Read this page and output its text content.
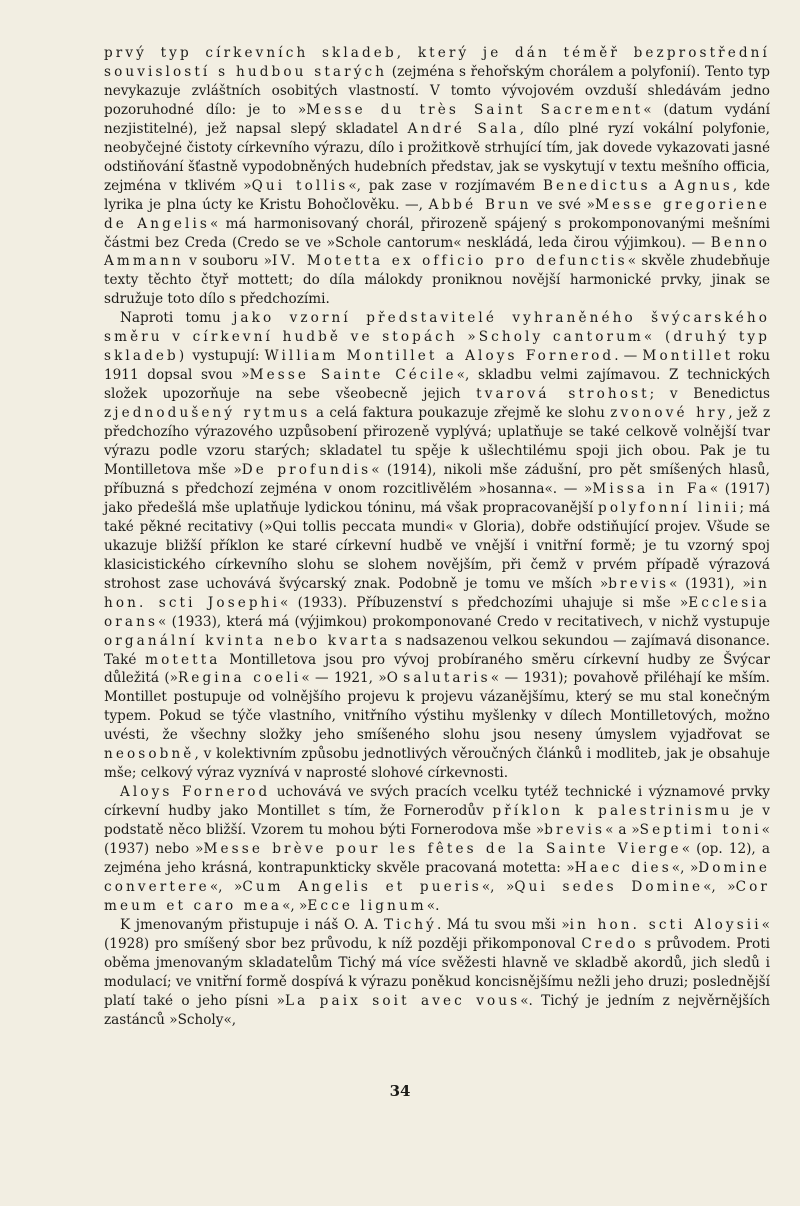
prvý typ církevních skladeb, který je dán téměř bezprostřední souvislostí s hudbou starých (zejména s řehořským chorálem a polyfonií). Tento typ nevykazuje zvláštních osobitých vlastností. V tomto vývojovém ovzduší shledávám jedno pozoruhodné dílo: je to »Messe du très Saint Sacrement« (datum vydání nezjistitelné), jež napsal slepý skladatel André Sala, dílo plné ryzí vokální polyfonie, neobyčejné čistoty církevního výrazu, dílo i prožitkově strhující tím, jak dovede vykazovati jasné odstiňování šťastně vypodobněných hudebních představ, jak se vyskytují v textu mešního officia, zejména v tklivém »Qui tollis«, pak zase v rozjímavém Benedictus a Agnus, kde lyrika je plna úcty ke Kristu Bohočlověku. —, Abbé Brun ve své »Messe gregoriene de Angelis« má harmonisovaný chorál, přirozeně spájený s prokomponovanými mešními částmi bez Creda (Credo se ve »Schole cantorum« neskládá, leda čirou výjimkou). — Benno Ammann v souboru »IV. Motetta ex officio pro defunctis« skvěle zhudebňuje texty těchto čtyř mottett; do díla málokdy proniknou novější harmonické prvky, jinak se sdružuje toto dílo s předchozími.

Naproti tomu jako vzorní představitelé vyhraněného švýcarského směru v církevní hudbě ve stopách »Scholy cantorum« (druhý typ skladeb) vystupují: William Montillet a Aloys Fornerod. — Montillet roku 1911 dopsal svou »Messe Sainte Cécile«, skladbu velmi zajímavou. Z technických složek upozorňuje na sebe všeobecně jejich tvarová strohost; v Benedictus zjednodušený rytmus a celá faktura poukazuje zřejmě ke slohu zvonové hry, jež z předchozího výrazového uzpůsobení přirozeně vyplývá; uplatňuje se také celkově volnější tvar výrazu podle vzoru starých; skladatel tu spěje k ušlechtilému spoji jich obou. Pak je tu Montilletova mše »De profundis« (1914), nikoli mše zádušní, pro pět smíšených hlasů, příbuzná s předchozí zejména v onom rozcitlivělém »hosanna«. — »Missa in Fa« (1917) jako předešlá mše uplatňuje lydickou tóninu, má však propracovanější polyfonní linii; má také pěkné recitativy (»Qui tollis peccata mundi« v Gloria), dobře odstiňující projev. Všude se ukazuje bližší příklon ke staré církevní hudbě ve vnější i vnitřní formě; je tu vzorný spoj klasicistického církevního slohu se slohem novějším, při čemž v prvém případě výrazová strohost zase uchovává švýcarský znak. Podobně je tomu ve mších »brevis« (1931), »in hon. scti Josephi« (1933). Příbuzenství s předchozími uhajuje si mše »Ecclesia orans« (1933), která má (výjimkou) prokomponované Credo v recitativech, v nichž vystupuje organální kvinta nebo kvarta s nadsazenou velkou sekundou — zajímavá disonance. Také motetta Montilletova jsou pro vývoj probíraného směru církevní hudby ze Švýcar důležitá (»Regina coeli« — 1921, »O salutaris« — 1931); povahově přiléhají ke mším. Montillet postupuje od volnějšího projevu k projevu vázanějšímu, který se mu stal konečným typem. Pokud se týče vlastního, vnitřního výstihu myšlenky v dílech Montilletových, možno uvésti, že všechny složky jeho smíšeného slohu jsou neseny úmyslem vyjadřovat se neosobně, v kolektivním způsobu jednotlivých věroučných článků i modliteb, jak je obsahuje mše; celkový výraz vyznívá v naprosté slohové církevnosti.

Aloys Fornerod uchovává ve svých pracích vcelku tytéž technické i významové prvky církevní hudby jako Montillet s tím, že Fornerodův příklon k palestrinismu je v podstatě něco bližší. Vzorem tu mohou býti Fornerodova mše »brevis« a »Septimi toni« (1937) nebo »Messe brève pour les fêtes de la Sainte Vierge« (op. 12), a zejména jeho krásná, kontrapunkticky skvěle pracovaná motetta: »Haec dies«, »Domine convertere«, »Cum Angelis et pueris«, »Qui sedes Domine«, »Cor meum et caro mea«, »Ecce lignum«.

K jmenovaným přistupuje i náš O. A. Tichý. Má tu svou mši »in hon. scti Aloysii« (1928) pro smíšený sbor bez průvodu, k níž později přikomponoval Credo s průvodem. Proti oběma jmenovaným skladatelům Tichý má více svěžesti hlavně ve skladbě akordů, jich sledů i modulací; ve vnitřní formě dospívá k výrazu poněkud koncisnějšímu nežli jeho druzi; poslednější platí také o jeho písni »La paix soit avec vous«. Tichý je jedním z nejvěrnějších zastánců »Scholy«,

34
